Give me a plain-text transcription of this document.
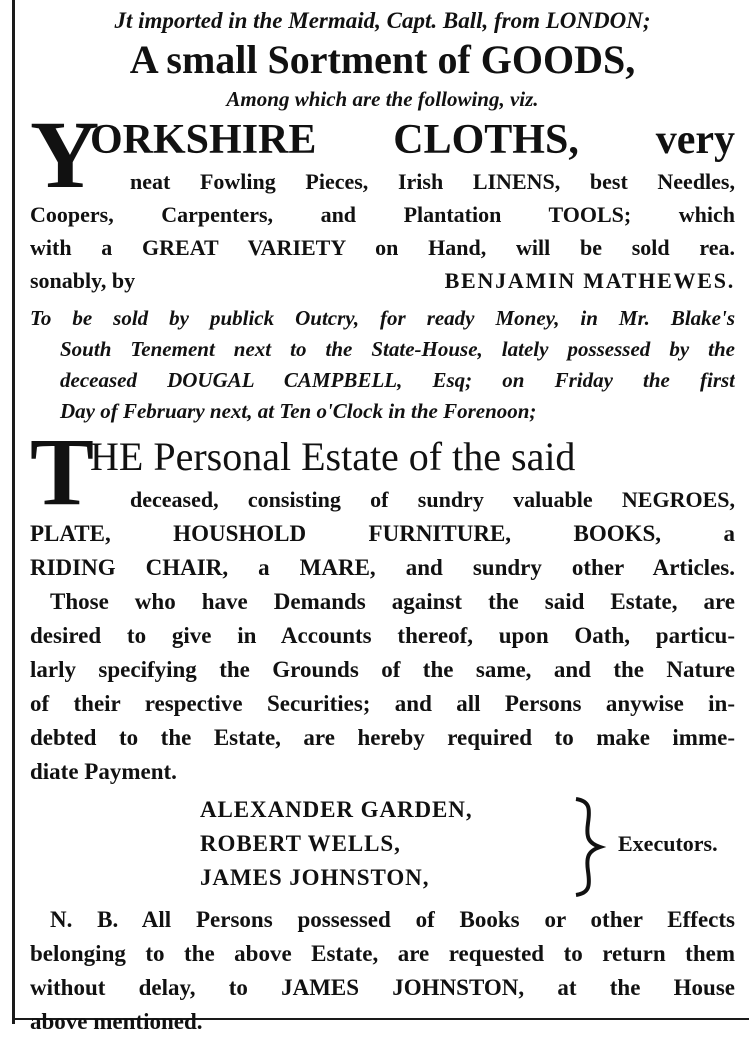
Jt imported in the Mermaid, Capt. Ball, from LONDON;
A small Sortment of GOODS,
Among which are the following, viz.
Y
ORKSHIRE CLOTHS, very
neat Fowling Pieces, Irish LINENS, best Needles,
Coopers, Carpenters, and Plantation TOOLS; which
with a GREAT VARIETY on Hand, will be sold rea.
sonably, by	BENJAMIN MATHEWES.
To be sold by publick Outcry, for ready Money, in Mr. Blake's
South Tenement next to the State-House, lately possessed by the
deceased DOUGAL CAMPBELL, Esq; on Friday the first
Day of February next, at Ten o'Clock in the Forenoon;
T
HE Personal Estate of the said
deceased, consisting of sundry valuable NEGROES,
PLATE, HOUSHOLD FURNITURE, BOOKS, a
RIDING CHAIR, a MARE, and sundry other Articles.
Those who have Demands against the said Estate, are
desired to give in Accounts thereof, upon Oath, particu-
larly specifying the Grounds of the same, and the Nature
of their respective Securities; and all Persons anywise in-
debted to the Estate, are hereby required to make imme-
diate Payment.
ALEXANDER GARDEN,
ROBERT WELLS,
JAMES JOHNSTON,
Executors.
N. B. All Persons possessed of Books or other Effects
belonging to the above Estate, are requested to return them
without delay, to JAMES JOHNSTON, at the House
above mentioned.
